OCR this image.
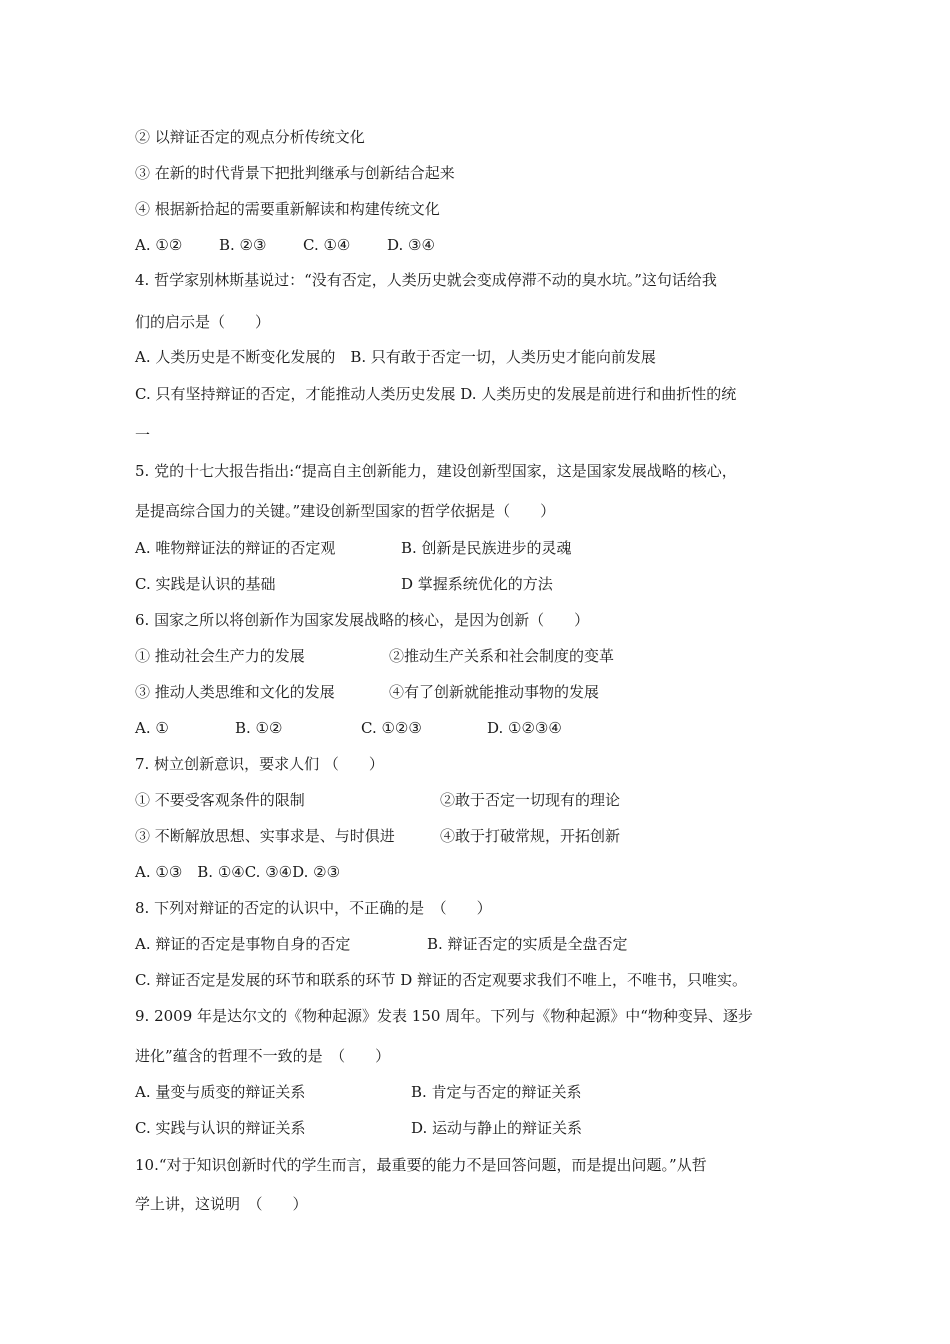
② 以辩证否定的观点分析传统文化
③ 在新的时代背景下把批判继承与创新结合起来
④ 根据新拾起的需要重新解读和构建传统文化
A. ①② B. ②③ C. ①④ D. ③④
4. 哲学家别林斯基说过：“没有否定，人类历史就会变成停滞不动的臭水坑。”这句话给我
们的启示是（　　）
A. 人类历史是不断变化发展的　B. 只有敢于否定一切，人类历史才能向前发展
C. 只有坚持辩证的否定，才能推动人类历史发展 D. 人类历史的发展是前进行和曲折性的统
一
5. 党的十七大报告指出:“提高自主创新能力，建设创新型国家，这是国家发展战略的核心，
是提高综合国力的关键。”建设创新型国家的哲学依据是（　　）
A. 唯物辩证法的辩证的否定观	B. 创新是民族进步的灵魂
C. 实践是认识的基础	D 掌握系统优化的方法
6. 国家之所以将创新作为国家发展战略的核心，是因为创新（　　）
① 推动社会生产力的发展	②推动生产关系和社会制度的变革
③ 推动人类思维和文化的发展	④有了创新就能推动事物的发展
A. ①	B. ①②	C. ①②③	D. ①②③④
7. 树立创新意识，要求人们 （　　）
① 不要受客观条件的限制	②敢于否定一切现有的理论
③ 不断解放思想、实事求是、与时俱进	④敢于打破常规，开拓创新
A. ①③　B. ①④C. ③④D. ②③
8. 下列对辩证的否定的认识中，不正确的是　（　　）
A. 辩证的否定是事物自身的否定	B. 辩证否定的实质是全盘否定
C. 辩证否定是发展的环节和联系的环节 D 辩证的否定观要求我们不唯上，不唯书，只唯实。
9. 2009 年是达尔文的《物种起源》发表 150 周年。下列与《物种起源》中“物种变异、逐步
进化”蕴含的哲理不一致的是　（　　）
A. 量变与质变的辩证关系	B. 肯定与否定的辩证关系
C. 实践与认识的辩证关系	D. 运动与静止的辩证关系
10.“对于知识创新时代的学生而言，最重要的能力不是回答问题，而是提出问题。”从哲
学上讲，这说明　（　　）
